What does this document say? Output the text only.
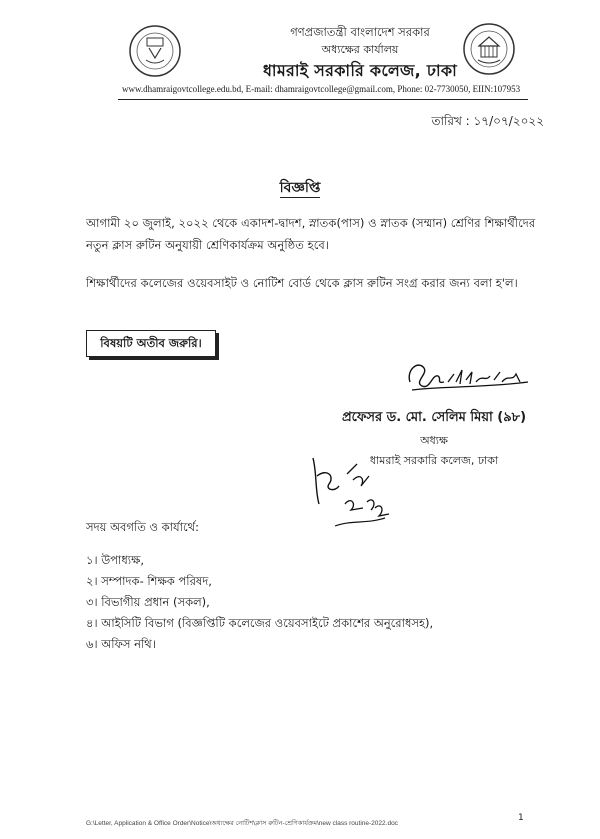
গণপ্রজাতন্ত্রী বাংলাদেশ সরকার
অধ্যক্ষের কার্যালয়
ধামরাই সরকারি কলেজ, ঢাকা
www.dhamraigovtcollege.edu.bd, E-mail: dhamraigovtcollege@gmail.com, Phone: 02-7730050, EIIN:107953
তারিখ : ১৭/০৭/২০২২
বিজ্ঞপ্তি
আগামী ২০ জুলাই, ২০২২ থেকে একাদশ-দ্বাদশ, স্নাতক(পাস) ও স্নাতক (সম্মান) শ্রেণির শিক্ষার্থীদের নতুন ক্লাস রুটিন অনুযায়ী শ্রেণিকার্যক্রম অনুষ্ঠিত হবে।
শিক্ষার্থীদের কলেজের ওয়েবসাইট ও নোটিশ বোর্ড থেকে ক্লাস রুটিন সংগ্র করার জন্য বলা হ'ল।
বিষয়টি অতীব জরুরি।
প্রফেসর ড. মো. সেলিম মিয়া (৯৮)
অধ্যক্ষ
ধামরাই সরকারি কলেজ, ঢাকা
সদয় অবগতি ও কার্যার্থে:
১। উপাধ্যক্ষ,
২। সম্পাদক- শিক্ষক পরিষদ,
৩। বিভাগীয় প্রধান (সকল),
৪। আইসিটি বিভাগ (বিজ্ঞপ্তিটি কলেজের ওয়েবসাইটে প্রকাশের অনুরোধসহ),
৬। অফিস নথি।
G:\Letter, Application & Office Order\Notice\অধ্যক্ষের নোটিশ\ক্লাস রুটিন-শ্রেণিকার্যক্রম\new class routine-2022.doc
1
